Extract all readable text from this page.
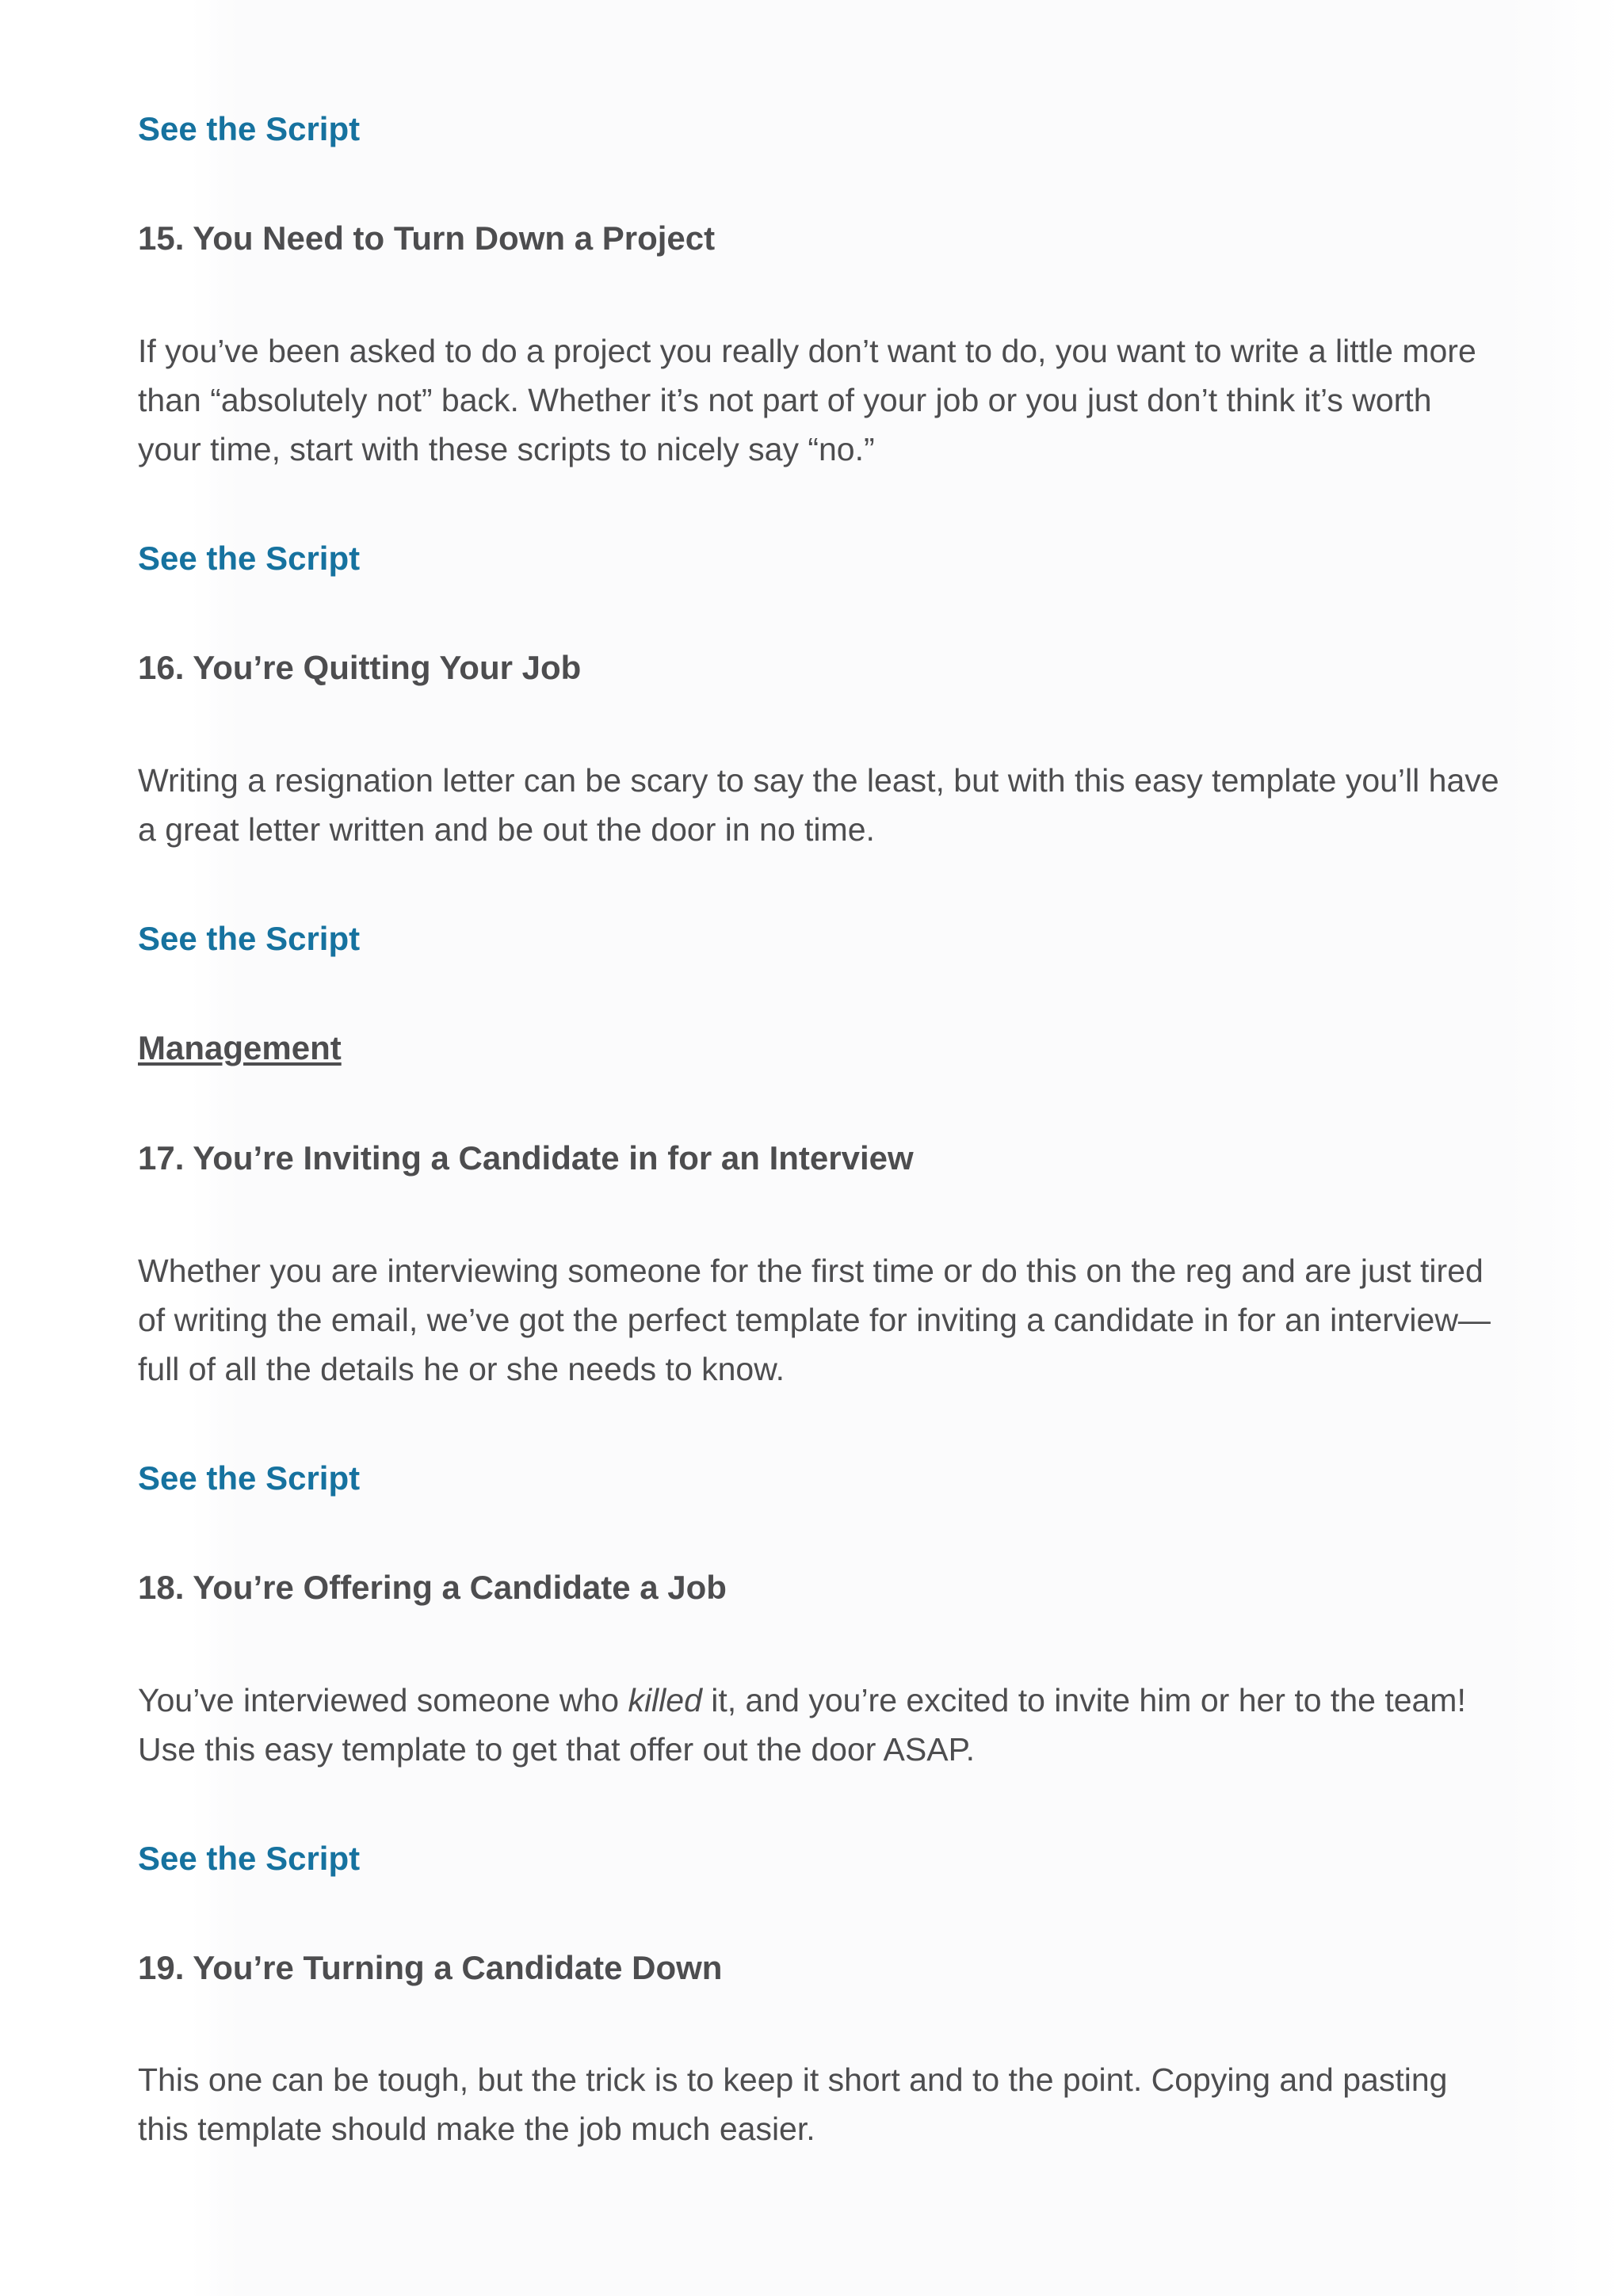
See the Script
15. You Need to Turn Down a Project

If you’ve been asked to do a project you really don’t want to do, you want to write a little more than “absolutely not” back. Whether it’s not part of your job or you just don’t think it’s worth your time, start with these scripts to nicely say “no.”

See the Script
16. You’re Quitting Your Job

Writing a resignation letter can be scary to say the least, but with this easy template you’ll have a great letter written and be out the door in no time.

See the Script
Management
17. You’re Inviting a Candidate in for an Interview

Whether you are interviewing someone for the first time or do this on the reg and are just tired of writing the email, we’ve got the perfect template for inviting a candidate in for an interview—full of all the details he or she needs to know.

See the Script
18. You’re Offering a Candidate a Job

You’ve interviewed someone who killed it, and you’re excited to invite him or her to the team! Use this easy template to get that offer out the door ASAP.

See the Script
19. You’re Turning a Candidate Down

This one can be tough, but the trick is to keep it short and to the point. Copying and pasting this template should make the job much easier.
